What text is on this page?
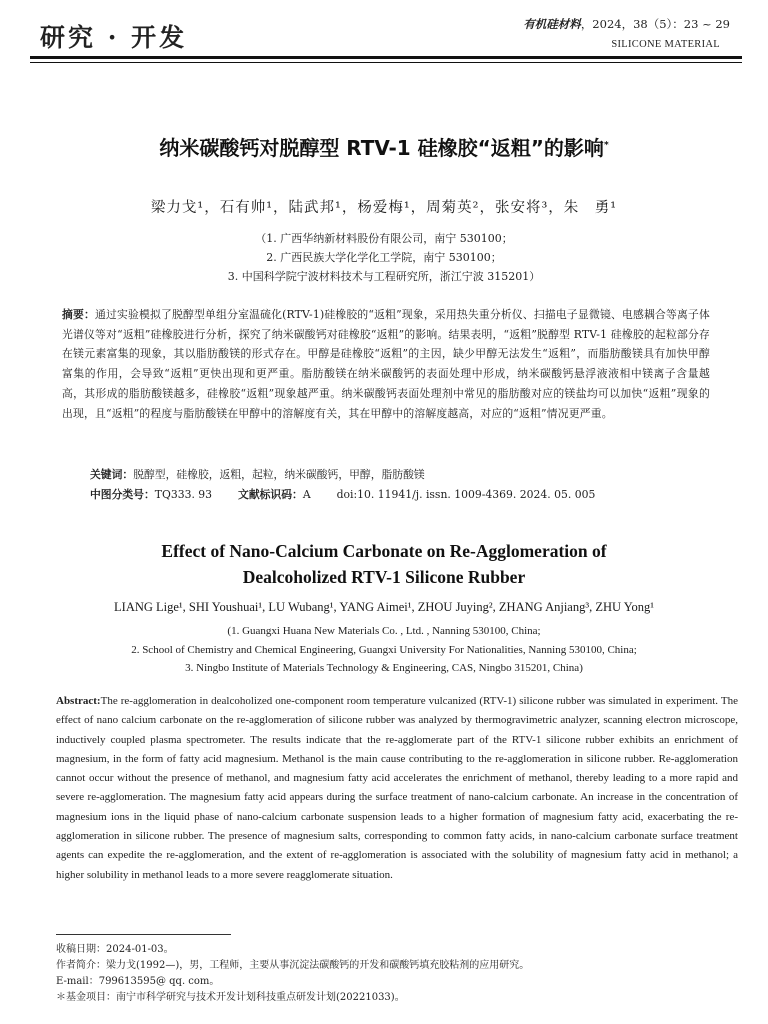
研究 · 开发	有机硅材料，2024，38（5）：23 ~ 29
SILICONE MATERIAL
纳米碳酸钙对脱醇型 RTV-1 硅橡胶“返粗”的影响*
梁力戈¹，石有帅¹，陆武邦¹，杨爱梅¹，周菊英²，张安将³，朱　勇¹
（1. 广西华纳新材料股份有限公司，南宁 530100；
2. 广西民族大学化学化工学院，南宁 530100；
3. 中国科学院宁波材料技术与工程研究所，浙江宁波 315201）
摘要：通过实验模拟了脱醇型单组分室温硫化(RTV-1)硅橡胶的“返粗”现象，采用热失重分析仪、扫描电子显微镜、电感耦合等离子体光谱仪等对“返粗”硅橡胶进行分析，探究了纳米碳酸钙对硅橡胶“返粗”的影响。结果表明，“返粗”脱醇型 RTV-1 硅橡胶的起粒部分存在镁元素富集的现象，其以脂肪酸镁的形式存在。甲醇是硅橡胶“返粗”的主因，缺少甲醇无法发生“返粗”，而脂肪酸镁具有加快甲醇富集的作用，会导致“返粗”更快出现和更严重。脂肪酸镁在纳米碳酸钙的表面处理中形成，纳米碳酸钙悬浮液液相中镁离子含量越高，其形成的脂肪酸镁越多，硅橡胶“返粗”现象越严重。纳米碳酸钙表面处理剂中常见的脂肪酸对应的镁盐均可以加快“返粗”现象的出现，且“返粗”的程度与脂肪酸镁在甲醇中的溶解度有关，其在甲醇中的溶解度越高，对应的“返粗”情况更严重。
关键词：脱醇型，硅橡胶，返粗，起粒，纳米碳酸钙，甲醇，脂肪酸镁
中图分类号：TQ333. 93 文献标识码：A doi:10. 11941/j. issn. 1009-4369. 2024. 05. 005
Effect of Nano-Calcium Carbonate on Re-Agglomeration of
Dealcoholized RTV-1 Silicone Rubber
LIANG Lige¹, SHI Youshuai¹, LU Wubang¹, YANG Aimei¹, ZHOU Juying², ZHANG Anjiang³, ZHU Yong¹
(1. Guangxi Huana New Materials Co. , Ltd. , Nanning 530100, China;
2. School of Chemistry and Chemical Engineering, Guangxi University For Nationalities, Nanning 530100, China;
3. Ningbo Institute of Materials Technology & Engineering, CAS, Ningbo 315201, China)
Abstract:The re-agglomeration in dealcoholized one-component room temperature vulcanized (RTV-1) silicone rubber was simulated in experiment. The effect of nano calcium carbonate on the re-agglomeration of silicone rubber was analyzed by thermogravimetric analyzer, scanning electron microscope, inductively coupled plasma spectrometer. The results indicate that the re-agglomerate part of the RTV-1 silicone rubber exhibits an enrichment of magnesium, in the form of fatty acid magnesium. Methanol is the main cause contributing to the re-agglomeration in silicone rubber. Re-agglomeration cannot occur without the presence of methanol, and magnesium fatty acid accelerates the enrichment of methanol, thereby leading to a more rapid and severe re-agglomeration. The magnesium fatty acid appears during the surface treatment of nano-calcium carbonate. An increase in the concentration of magnesium ions in the liquid phase of nano-calcium carbonate suspension leads to a higher formation of magnesium fatty acid, exacerbating the re-agglomeration in silicone rubber. The presence of magnesium salts, corresponding to common fatty acids, in nano-calcium carbonate surface treatment agents can expedite the re-agglomeration, and the extent of re-agglomeration is associated with the solubility of magnesium fatty acid in methanol; a higher solubility in methanol leads to a more severe reagglomerate situation.
收稿日期：2024-01-03。
作者简介：梁力戈(1992—)，男，工程师，主要从事沉淀法碳酸钙的开发和碳酸钙填充胶粘剂的应用研究。
E-mail：799613595@ qq. com。
＊基金项目：南宁市科学研究与技术开发计划科技重点研发计划(20221033)。
